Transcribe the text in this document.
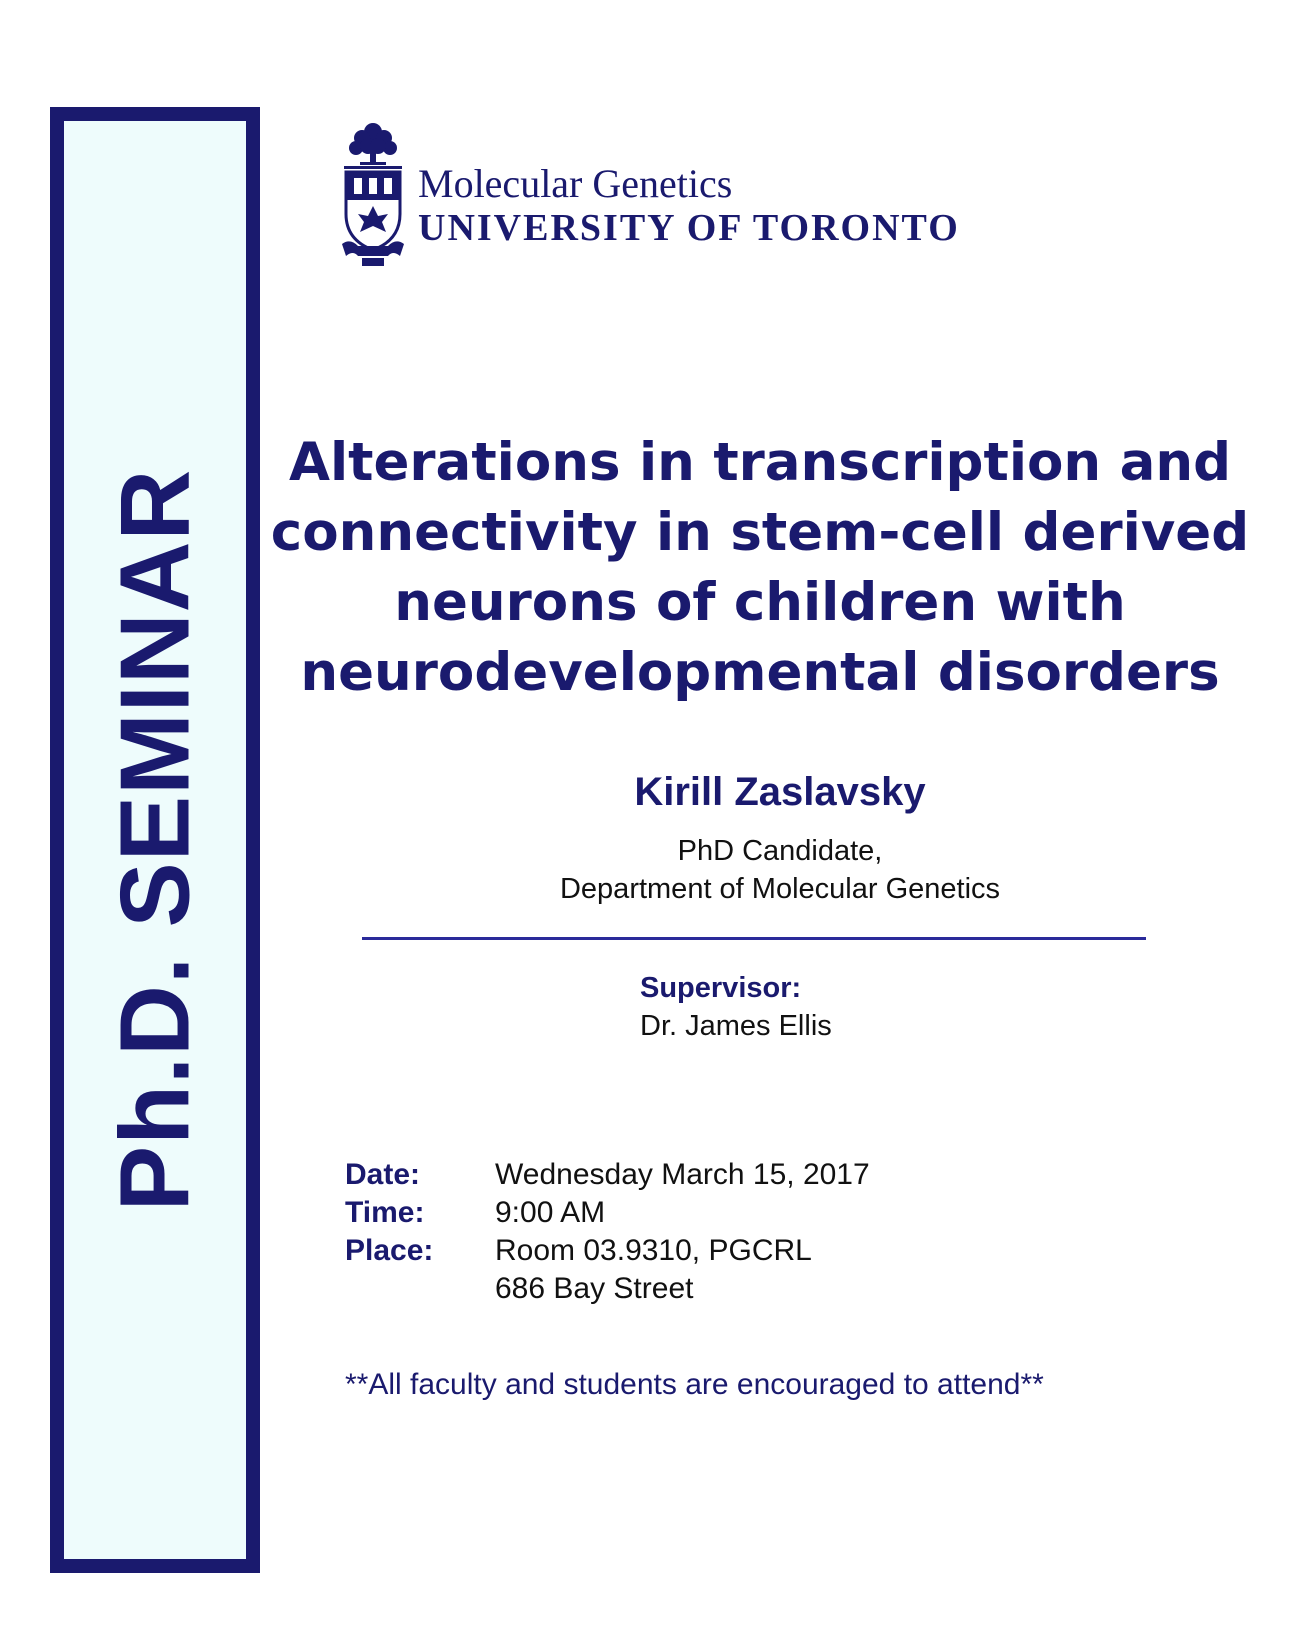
Ph.D. SEMINAR
Molecular Genetics
UNIVERSITY OF TORONTO
Alterations in transcription and
connectivity in stem-cell derived
neurons of children with
neurodevelopmental disorders
Kirill Zaslavsky
PhD Candidate,
Department of Molecular Genetics
Supervisor:
Dr. James Ellis
Date: Wednesday March 15, 2017
Time: 9:00 AM
Place: Room 03.9310, PGCRL
686 Bay Street
**All faculty and students are encouraged to attend**
